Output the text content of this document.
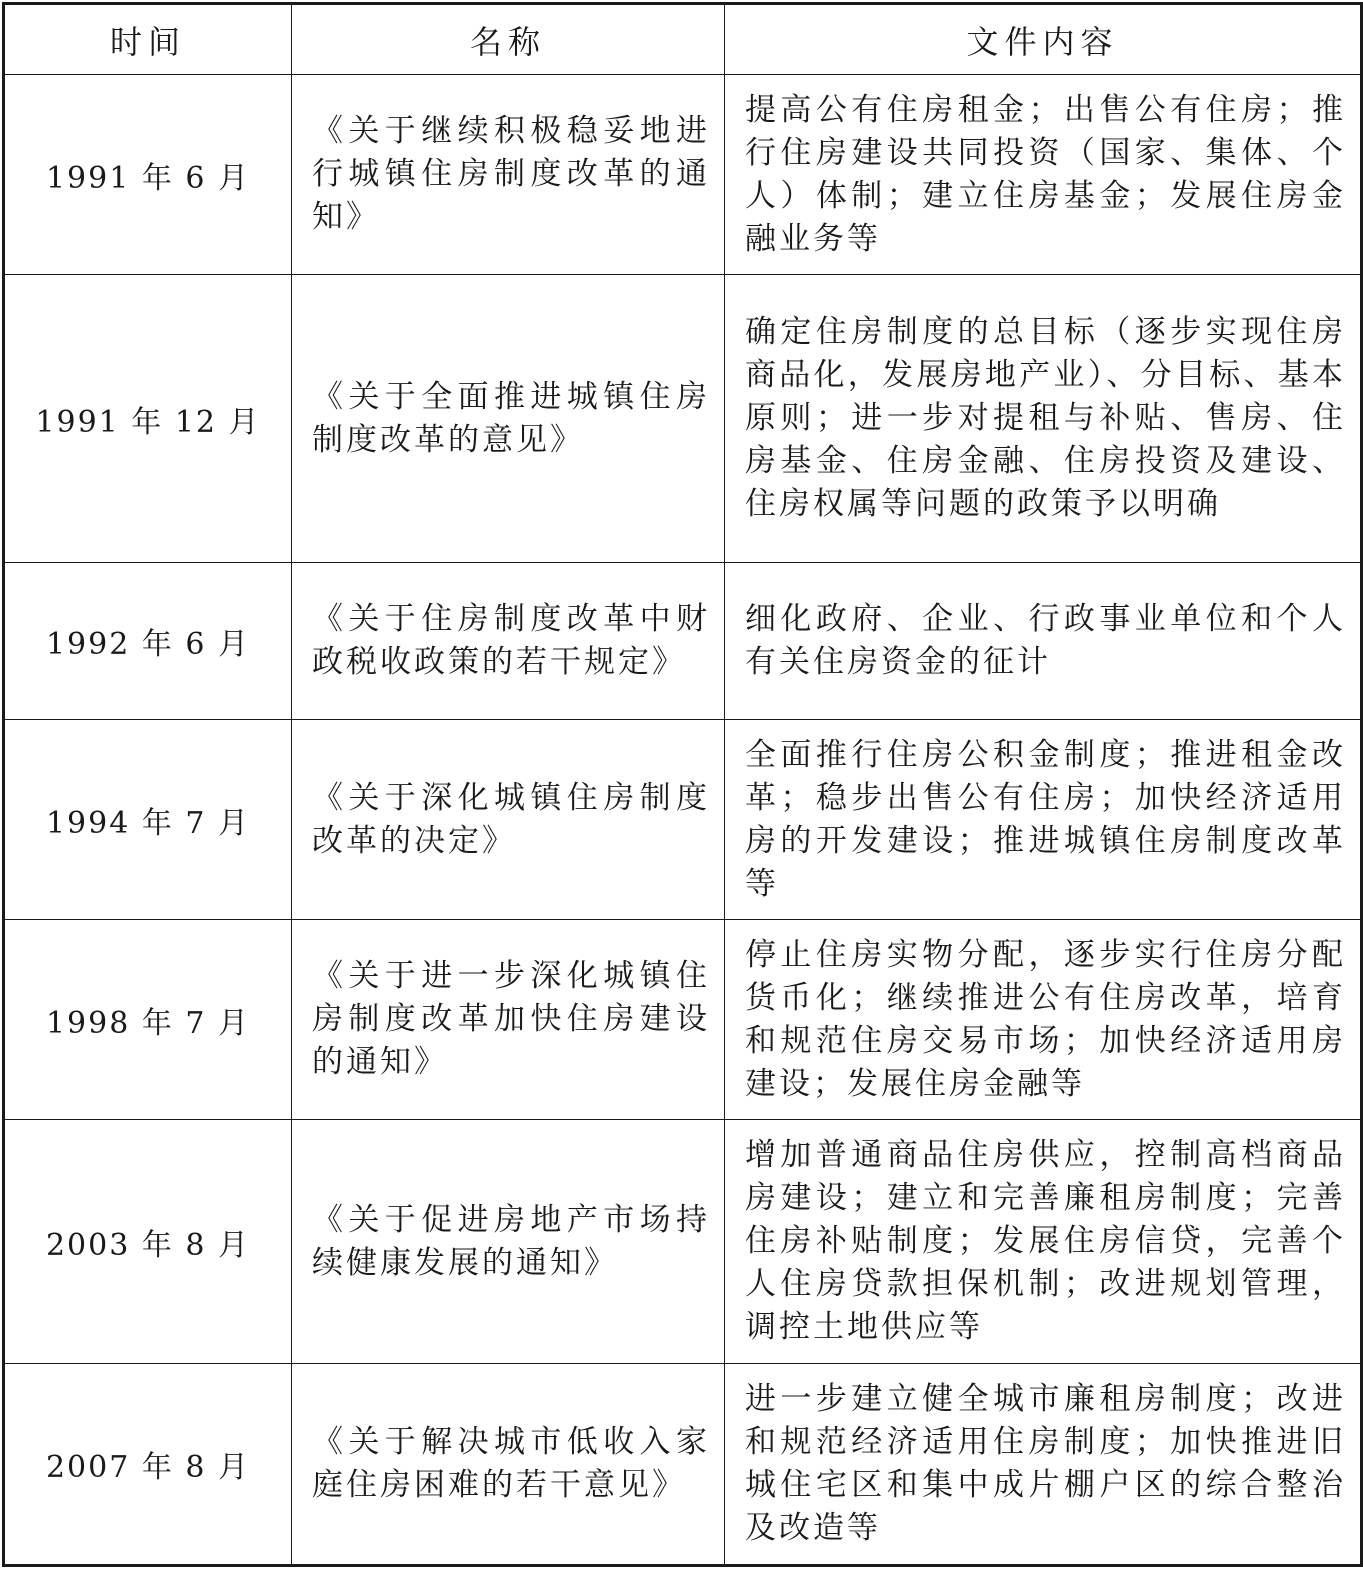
时间	名称	文件内容
1991 年 6 月	《关于继续积极稳妥地进行城镇住房制度改革的通知》	提高公有住房租金；出售公有住房；推行住房建设共同投资（国家、集体、个人）体制；建立住房基金；发展住房金融业务等
1991 年 12 月	《关于全面推进城镇住房制度改革的意见》	确定住房制度的总目标（逐步实现住房商品化，发展房地产业）、分目标、基本原则；进一步对提租与补贴、售房、住房基金、住房金融、住房投资及建设、住房权属等问题的政策予以明确
1992 年 6 月	《关于住房制度改革中财政税收政策的若干规定》	细化政府、企业、行政事业单位和个人有关住房资金的征计
1994 年 7 月	《关于深化城镇住房制度改革的决定》	全面推行住房公积金制度；推进租金改革；稳步出售公有住房；加快经济适用房的开发建设；推进城镇住房制度改革等
1998 年 7 月	《关于进一步深化城镇住房制度改革加快住房建设的通知》	停止住房实物分配，逐步实行住房分配货币化；继续推进公有住房改革，培育和规范住房交易市场；加快经济适用房建设；发展住房金融等
2003 年 8 月	《关于促进房地产市场持续健康发展的通知》	增加普通商品住房供应，控制高档商品房建设；建立和完善廉租房制度；完善住房补贴制度；发展住房信贷，完善个人住房贷款担保机制；改进规划管理，调控土地供应等
2007 年 8 月	《关于解决城市低收入家庭住房困难的若干意见》	进一步建立健全城市廉租房制度；改进和规范经济适用住房制度；加快推进旧城住宅区和集中成片棚户区的综合整治及改造等
